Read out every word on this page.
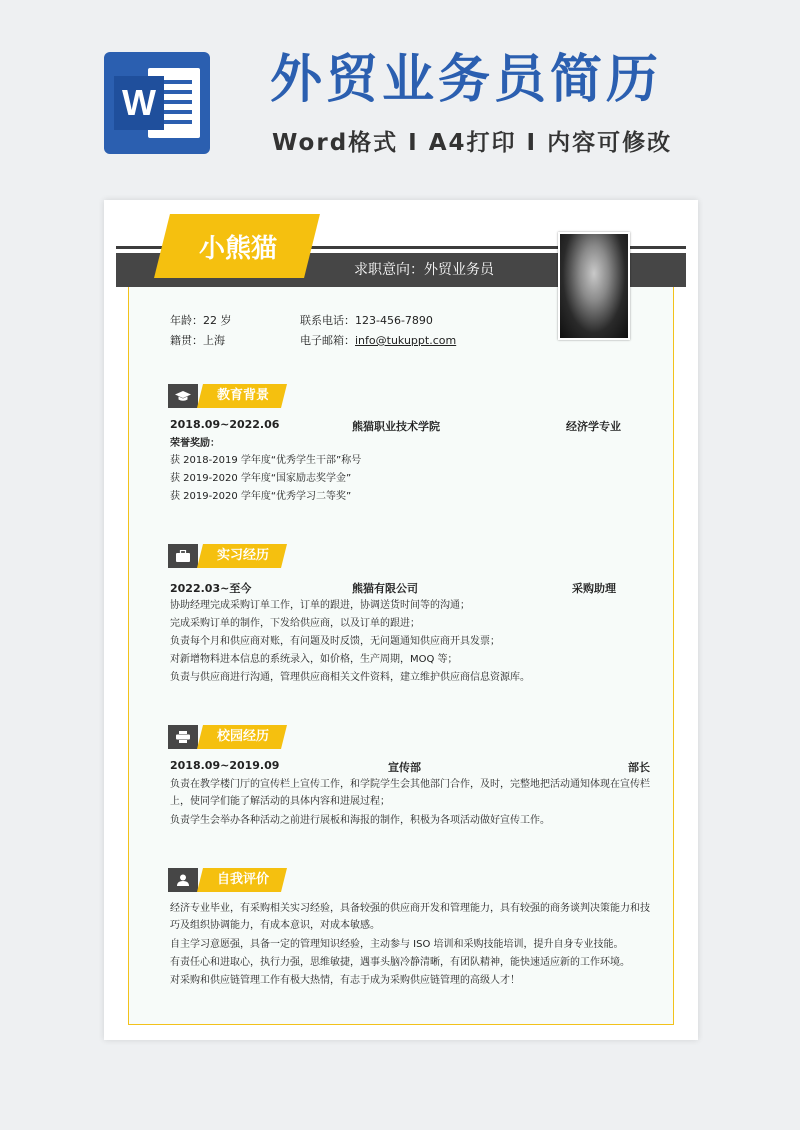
W 外贸业务员简历
Word格式 I A4打印 I 内容可修改
小熊猫
求职意向：外贸业务员
年龄：22 岁
籍贯：上海
联系电话：123-456-7890
电子邮箱：info@tukuppt.com
教育背景
2018.09~2022.06	熊猫职业技术学院	经济学专业
荣誉奖励：
获 2018-2019 学年度“优秀学生干部”称号
获 2019-2020 学年度“国家励志奖学金”
获 2019-2020 学年度“优秀学习二等奖”
实习经历
2022.03~至今	熊猫有限公司	采购助理
协助经理完成采购订单工作，订单的跟进，协调送货时间等的沟通；
完成采购订单的制作，下发给供应商，以及订单的跟进；
负责每个月和供应商对账，有问题及时反馈，无问题通知供应商开具发票；
对新增物料进本信息的系统录入，如价格，生产周期，MOQ 等；
负责与供应商进行沟通，管理供应商相关文件资料，建立维护供应商信息资源库。
校园经历
2018.09~2019.09	宣传部	部长
负责在教学楼门厅的宣传栏上宣传工作，和学院学生会其他部门合作，及时，完整地把活动通知体现在宣传栏上，使同学们能了解活动的具体内容和进展过程；
负责学生会举办各种活动之前进行展板和海报的制作，积极为各项活动做好宣传工作。
自我评价
经济专业毕业，有采购相关实习经验，具备较强的供应商开发和管理能力，具有较强的商务谈判决策能力和技巧及组织协调能力，有成本意识，对成本敏感。
自主学习意愿强，具备一定的管理知识经验，主动参与 ISO 培训和采购技能培训，提升自身专业技能。
有责任心和进取心，执行力强，思维敏捷，遇事头脑冷静清晰，有团队精神，能快速适应新的工作环境。
对采购和供应链管理工作有极大热情，有志于成为采购供应链管理的高级人才！
